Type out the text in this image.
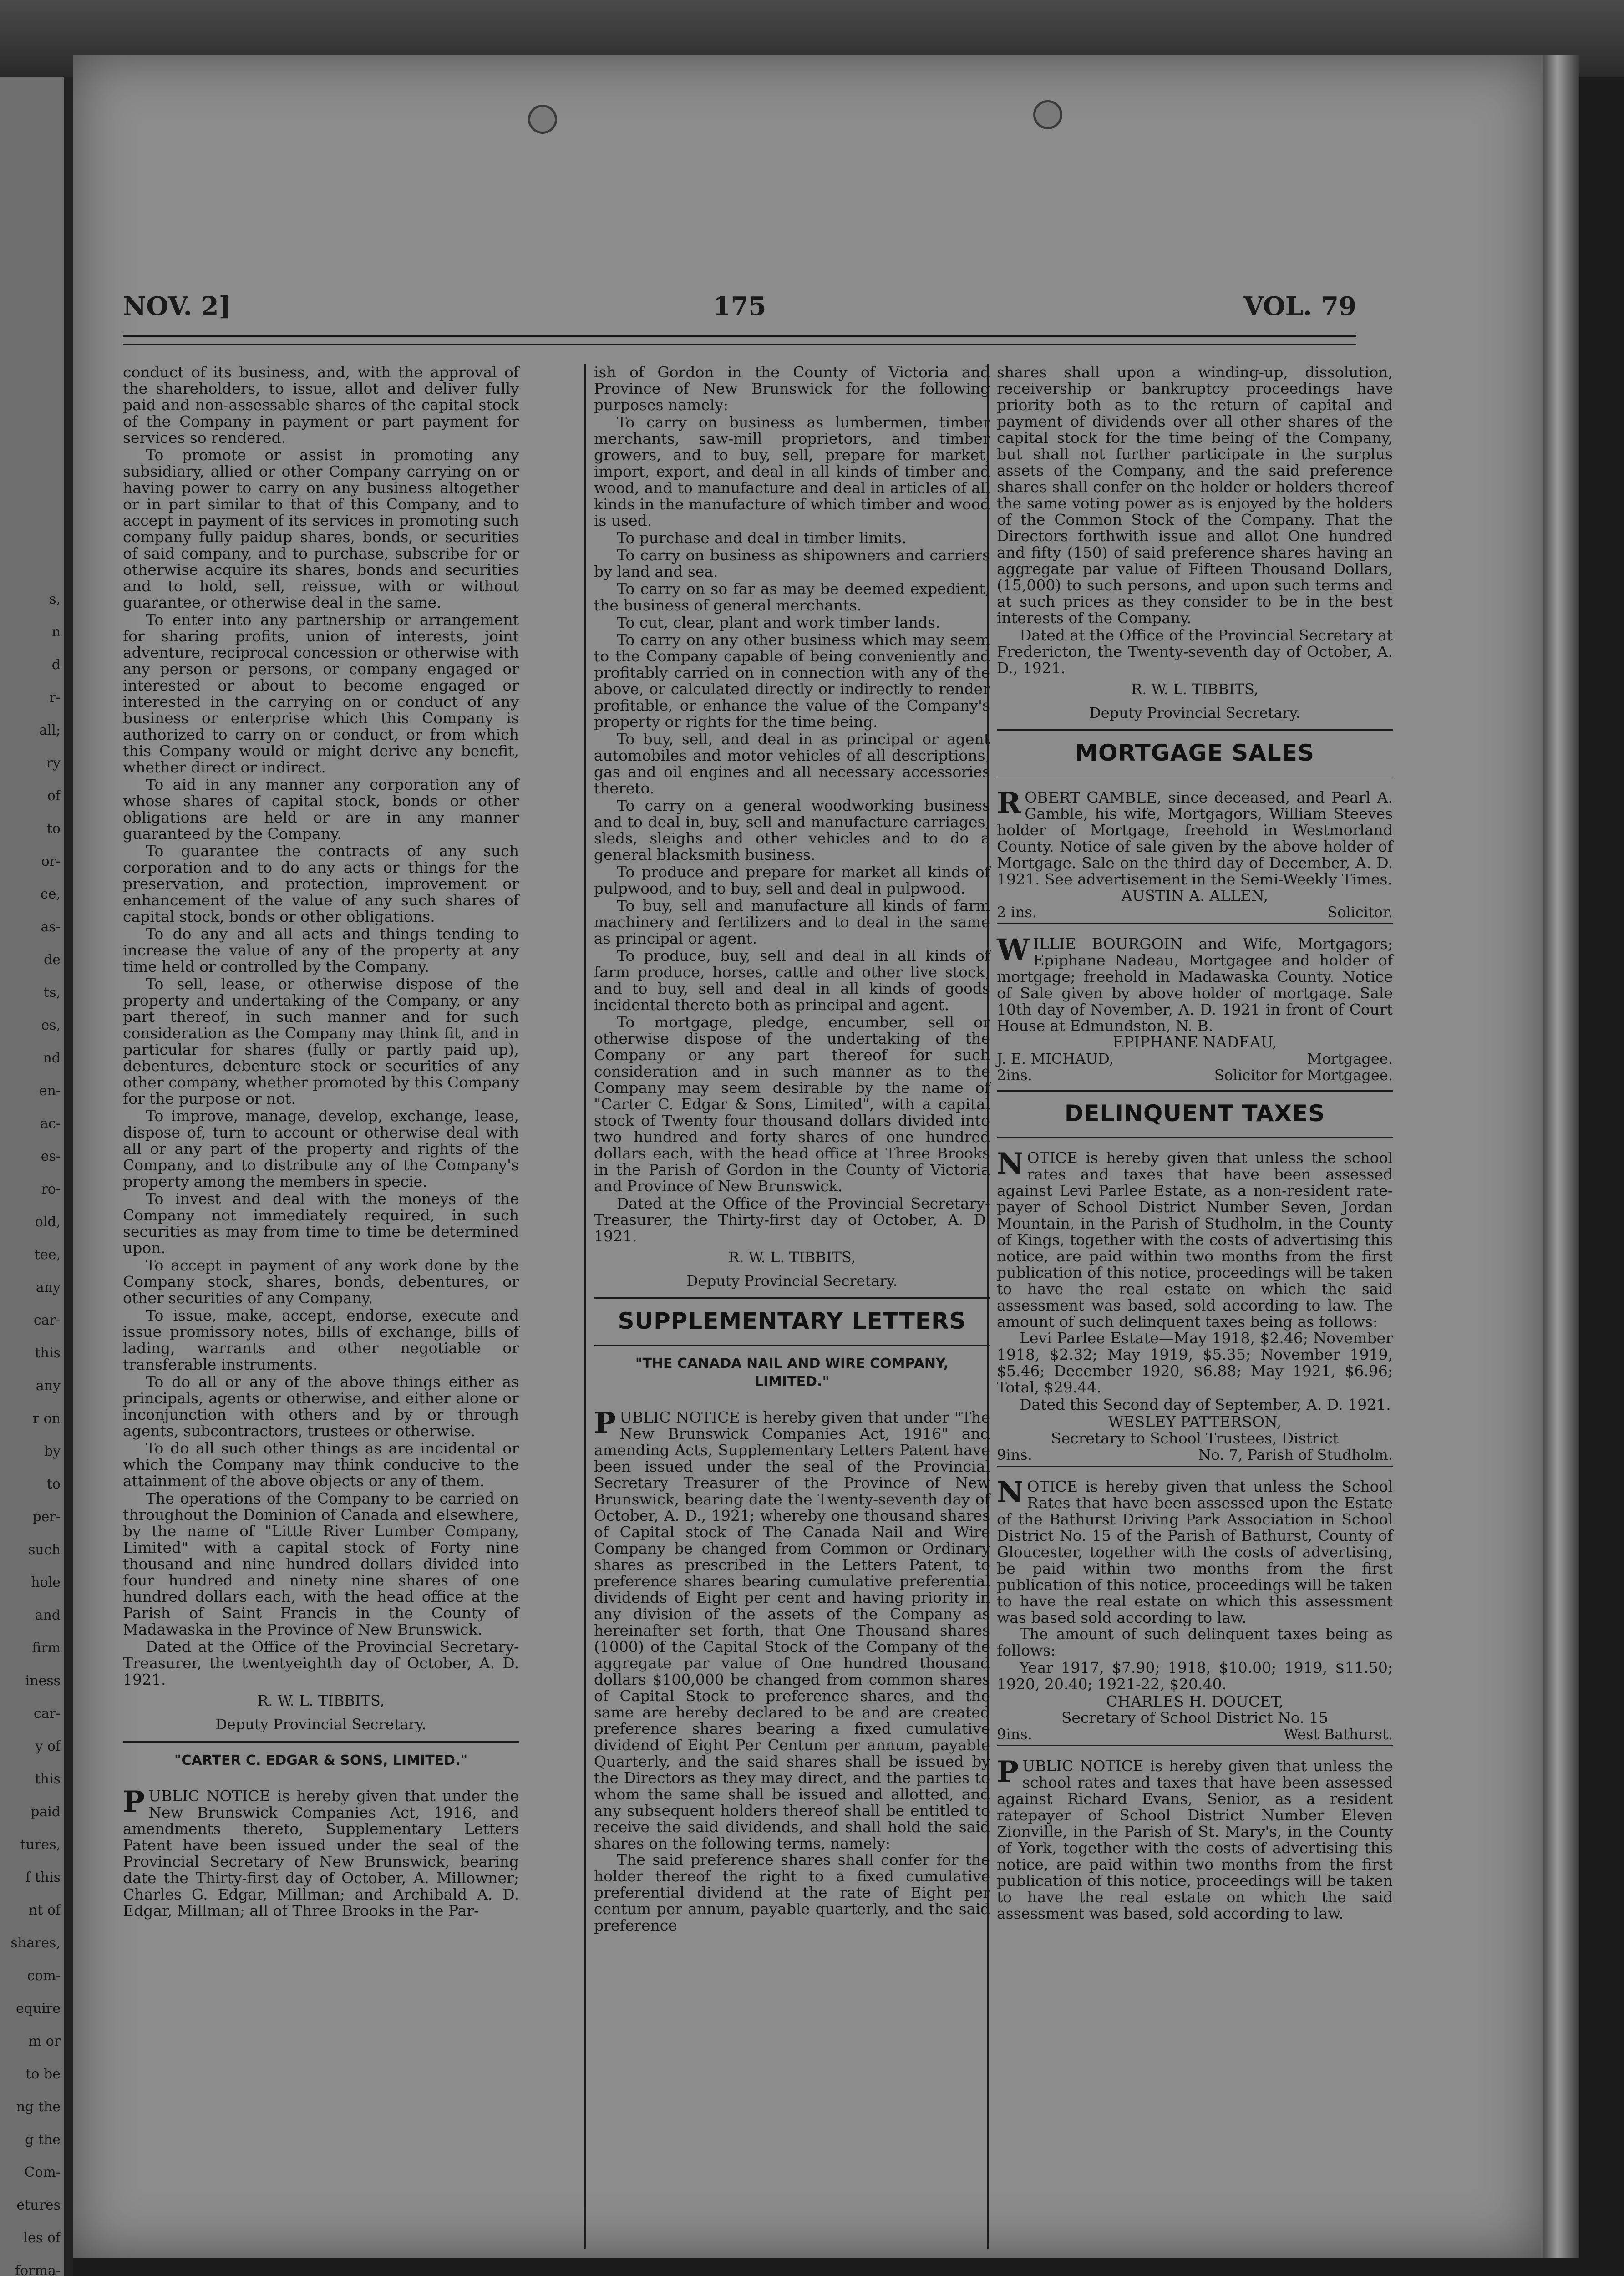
s,
n
d
r-
all;
ry
of
to
or-
ce,
as-
de
ts,
es,
nd
en-
ac-
es-
ro-
old,
tee,
any
car-
this
any
r on
by
to
per-
such
hole
and
firm
iness
car-
y of
this
paid
tures,
f this
nt of
shares,
com-
equire
m or
to be
ng the
g the
Com-
etures
les of
forma-
NOV. 2]	175	VOL. 79

conduct of its business, and, with the approval of the shareholders, to issue, allot and deliver fully paid and non-assessable shares of the capital stock of the Company in payment or part payment for services so rendered.

To promote or assist in promoting any subsidiary, allied or other Company carrying on or having power to carry on any business altogether or in part similar to that of this Company, and to accept in payment of its services in promoting such company fully paidup shares, bonds, or securities of said company, and to purchase, subscribe for or otherwise acquire its shares, bonds and securities and to hold, sell, reissue, with or without guarantee, or otherwise deal in the same.

To enter into any partnership or arrangement for sharing profits, union of interests, joint adventure, reciprocal concession or otherwise with any person or persons, or company engaged or interested or about to become engaged or interested in the carrying on or conduct of any business or enterprise which this Company is authorized to carry on or conduct, or from which this Company would or might derive any benefit, whether direct or indirect.

To aid in any manner any corporation any of whose shares of capital stock, bonds or other obligations are held or are in any manner guaranteed by the Company.

To guarantee the contracts of any such corporation and to do any acts or things for the preservation, and protection, improvement or enhancement of the value of any such shares of capital stock, bonds or other obligations.

To do any and all acts and things tending to increase the value of any of the property at any time held or controlled by the Company.

To sell, lease, or otherwise dispose of the property and undertaking of the Company, or any part thereof, in such manner and for such consideration as the Company may think fit, and in particular for shares (fully or partly paid up), debentures, debenture stock or securities of any other company, whether promoted by this Company for the purpose or not.

To improve, manage, develop, exchange, lease, dispose of, turn to account or otherwise deal with all or any part of the property and rights of the Company, and to distribute any of the Company's property among the members in specie.

To invest and deal with the moneys of the Company not immediately required, in such securities as may from time to time be determined upon.

To accept in payment of any work done by the Company stock, shares, bonds, debentures, or other securities of any Company.

To issue, make, accept, endorse, execute and issue promissory notes, bills of exchange, bills of lading, warrants and other negotiable or transferable instruments.

To do all or any of the above things either as principals, agents or otherwise, and either alone or inconjunction with others and by or through agents, subcontractors, trustees or otherwise.

To do all such other things as are incidental or which the Company may think conducive to the attainment of the above objects or any of them.

The operations of the Company to be carried on throughout the Dominion of Canada and elsewhere, by the name of "Little River Lumber Company, Limited" with a capital stock of Forty nine thousand and nine hundred dollars divided into four hundred and ninety nine shares of one hundred dollars each, with the head office at the Parish of Saint Francis in the County of Madawaska in the Province of New Brunswick.

Dated at the Office of the Provincial Secretary-Treasurer, the twentyeighth day of October, A. D. 1921.

R. W. L. TIBBITS,
Deputy Provincial Secretary.
"CARTER C. EDGAR & SONS, LIMITED."
PUBLIC NOTICE is hereby given that under the New Brunswick Companies Act, 1916, and amendments thereto, Supplementary Letters Patent have been issued under the seal of the Provincial Secretary of New Brunswick, bearing date the Thirty-first day of October, A. Millowner; Charles G. Edgar, Millman; and Archibald A. D. Edgar, Millman; all of Three Brooks in the Par-

ish of Gordon in the County of Victoria and Province of New Brunswick for the following purposes namely:

To carry on business as lumbermen, timber merchants, saw-mill proprietors, and timber growers, and to buy, sell, prepare for market, import, export, and deal in all kinds of timber and wood, and to manufacture and deal in articles of all kinds in the manufacture of which timber and wood is used.

To purchase and deal in timber limits.

To carry on business as shipowners and carriers by land and sea.

To carry on so far as may be deemed expedient, the business of general merchants.

To cut, clear, plant and work timber lands.

To carry on any other business which may seem to the Company capable of being conveniently and profitably carried on in connection with any of the above, or calculated directly or indirectly to render profitable, or enhance the value of the Company's property or rights for the time being.

To buy, sell, and deal in as principal or agent automobiles and motor vehicles of all descriptions, gas and oil engines and all necessary accessories thereto.

To carry on a general woodworking business and to deal in, buy, sell and manufacture carriages, sleds, sleighs and other vehicles and to do a general blacksmith business.

To produce and prepare for market all kinds of pulpwood, and to buy, sell and deal in pulpwood.

To buy, sell and manufacture all kinds of farm machinery and fertilizers and to deal in the same as principal or agent.

To produce, buy, sell and deal in all kinds of farm produce, horses, cattle and other live stock, and to buy, sell and deal in all kinds of goods incidental thereto both as principal and agent.

To mortgage, pledge, encumber, sell or otherwise dispose of the undertaking of the Company or any part thereof for such consideration and in such manner as to the Company may seem desirable by the name of "Carter C. Edgar & Sons, Limited", with a capital stock of Twenty four thousand dollars divided into two hundred and forty shares of one hundred dollars each, with the head office at Three Brooks in the Parish of Gordon in the County of Victoria and Province of New Brunswick.

Dated at the Office of the Provincial Secretary-Treasurer, the Thirty-first day of October, A. D. 1921.

R. W. L. TIBBITS,
Deputy Provincial Secretary.
SUPPLEMENTARY LETTERS
"THE CANADA NAIL AND WIRE COMPANY, LIMITED."
PUBLIC NOTICE is hereby given that under "The New Brunswick Companies Act, 1916" and amending Acts, Supplementary Letters Patent have been issued under the seal of the Provincial Secretary Treasurer of the Province of New Brunswick, bearing date the Twenty-seventh day of October, A. D., 1921; whereby one thousand shares of Capital stock of The Canada Nail and Wire Company be changed from Common or Ordinary shares as prescribed in the Letters Patent, to preference shares bearing cumulative preferential dividends of Eight per cent and having priority in any division of the assets of the Company as hereinafter set forth, that One Thousand shares (1000) of the Capital Stock of the Company of the aggregate par value of One hundred thousand dollars $100,000 be changed from common shares of Capital Stock to preference shares, and the same are hereby declared to be and are created preference shares bearing a fixed cumulative dividend of Eight Per Centum per annum, payable Quarterly, and the said shares shall be issued by the Directors as they may direct, and the parties to whom the same shall be issued and allotted, and any subsequent holders thereof shall be entitled to receive the said dividends, and shall hold the said shares on the following terms, namely:

The said preference shares shall confer for the holder thereof the right to a fixed cumulative preferential dividend at the rate of Eight per centum per annum, payable quarterly, and the said preference

shares shall upon a winding-up, dissolution, receivership or bankruptcy proceedings have priority both as to the return of capital and payment of dividends over all other shares of the capital stock for the time being of the Company, but shall not further participate in the surplus assets of the Company, and the said preference shares shall confer on the holder or holders thereof the same voting power as is enjoyed by the holders of the Common Stock of the Company. That the Directors forthwith issue and allot One hundred and fifty (150) of said preference shares having an aggregate par value of Fifteen Thousand Dollars, (15,000) to such persons, and upon such terms and at such prices as they consider to be in the best interests of the Company.

Dated at the Office of the Provincial Secretary at Fredericton, the Twenty-seventh day of October, A. D., 1921.

R. W. L. TIBBITS,
Deputy Provincial Secretary.
MORTGAGE SALES
ROBERT GAMBLE, since deceased, and Pearl A. Gamble, his wife, Mortgagors, William Steeves holder of Mortgage, freehold in Westmorland County. Notice of sale given by the above holder of Mortgage. Sale on the third day of December, A. D. 1921. See advertisement in the Semi-Weekly Times.
AUSTIN A. ALLEN,
2 ins.	Solicitor.
WILLIE BOURGOIN and Wife, Mortgagors; Epiphane Nadeau, Mortgagee and holder of mortgage; freehold in Madawaska County. Notice of Sale given by above holder of mortgage. Sale 10th day of November, A. D. 1921 in front of Court House at Edmundston, N. B.
EPIPHANE NADEAU,
J. E. MICHAUD,	Mortgagee.
2ins.	Solicitor for Mortgagee.
DELINQUENT TAXES
NOTICE is hereby given that unless the school rates and taxes that have been assessed against Levi Parlee Estate, as a non-resident rate-payer of School District Number Seven, Jordan Mountain, in the Parish of Studholm, in the County of Kings, together with the costs of advertising this notice, are paid within two months from the first publication of this notice, proceedings will be taken to have the real estate on which the said assessment was based, sold according to law. The amount of such delinquent taxes being as follows:

Levi Parlee Estate—May 1918, $2.46; November 1918, $2.32; May 1919, $5.35; November 1919, $5.46; December 1920, $6.88; May 1921, $6.96; Total, $29.44.

Dated this Second day of September, A. D. 1921.

WESLEY PATTERSON,
Secretary to School Trustees, District
9ins.	No. 7, Parish of Studholm.
NOTICE is hereby given that unless the School Rates that have been assessed upon the Estate of the Bathurst Driving Park Association in School District No. 15 of the Parish of Bathurst, County of Gloucester, together with the costs of advertising, be paid within two months from the first publication of this notice, proceedings will be taken to have the real estate on which this assessment was based sold according to law.

The amount of such delinquent taxes being as follows:

Year 1917, $7.90; 1918, $10.00; 1919, $11.50; 1920, 20.40; 1921-22, $20.40.

CHARLES H. DOUCET,
Secretary of School District No. 15
9ins.	West Bathurst.
PUBLIC NOTICE is hereby given that unless the school rates and taxes that have been assessed against Richard Evans, Senior, as a resident ratepayer of School District Number Eleven Zionville, in the Parish of St. Mary's, in the County of York, together with the costs of advertising this notice, are paid within two months from the first publication of this notice, proceedings will be taken to have the real estate on which the said assessment was based, sold according to law.
